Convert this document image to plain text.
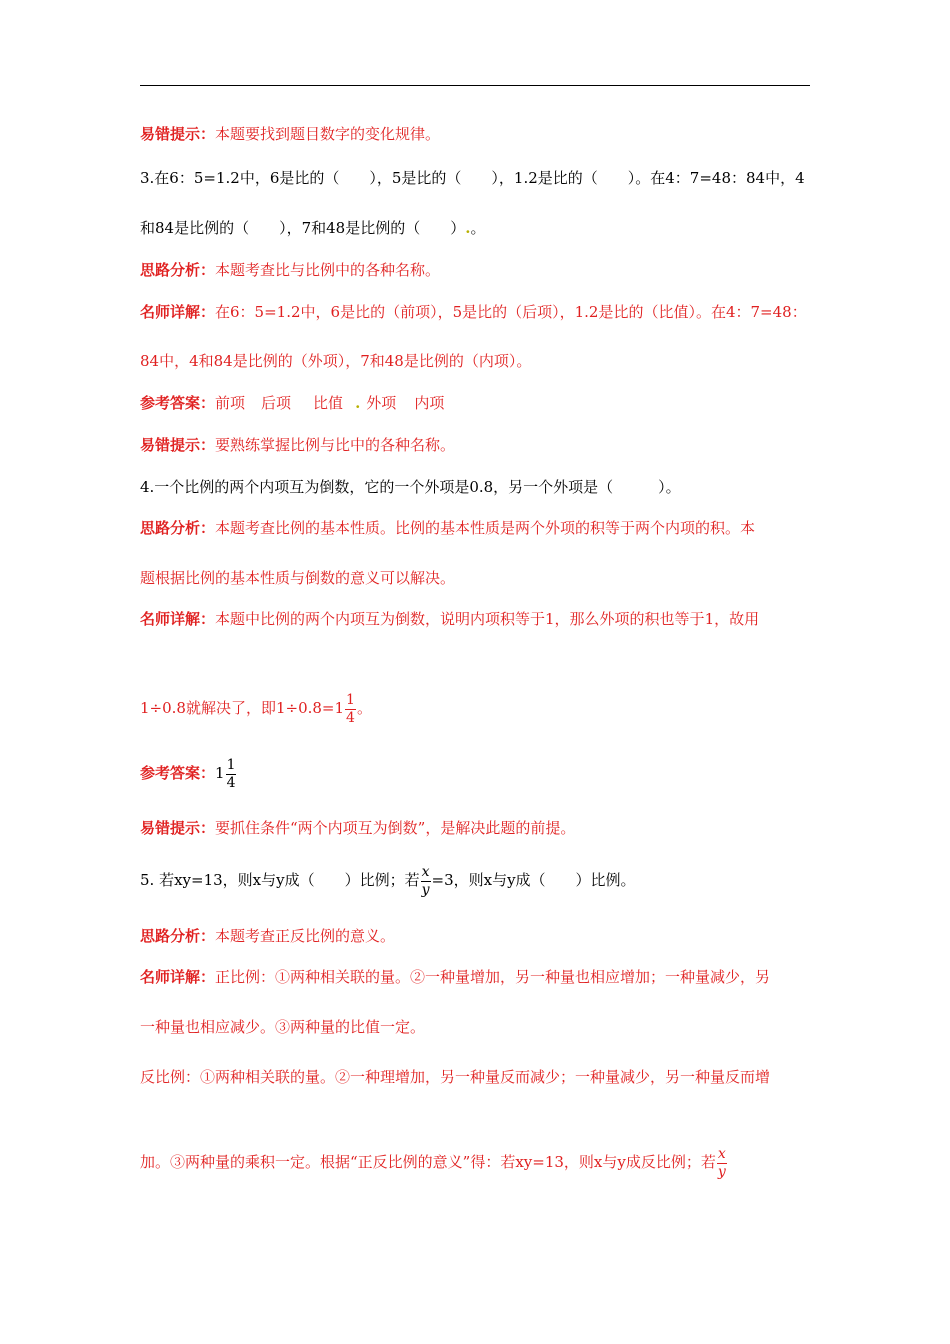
易错提示：本题要找到题目数字的变化规律。
3.在6：5=1.2中，6是比的（　　），5是比的（　　），1.2是比的（　　）。在4：7=48：84中，4
和84是比例的（　　），7和48是比例的（　　）.。
思路分析：本题考查比与比例中的各种名称。
名师详解：在6：5=1.2中，6是比的（前项），5是比的（后项），1.2是比的（比值）。在4：7=48：
84中，4和84是比例的（外项），7和48是比例的（内项）。
参考答案：前项 后项 比值 . 外项 内项
易错提示：要熟练掌握比例与比中的各种名称。
4.一个比例的两个内项互为倒数，它的一个外项是0.8，另一个外项是（　　　）。
思路分析：本题考查比例的基本性质。比例的基本性质是两个外项的积等于两个内项的积。本
题根据比例的基本性质与倒数的意义可以解决。
名师详解：本题中比例的两个内项互为倒数，说明内项积等于1，那么外项的积也等于1，故用
1÷0.8就解决了，即$1\div 0.8=1 \frac{1}{4}$ 。
参考答案：$1 \frac{1}{4}$
易错提示：要抓住条件“两个内项互为倒数”，是解决此题的前提。
5. 若xy=13，则x与y成（　　）比例；若 $\frac{x}{y} =3$，则x与y成（　　）比例。
思路分析：本题考查正反比例的意义。
名师详解：正比例：①两种相关联的量。②一种量增加，另一种量也相应增加；一种量减少，另
一种量也相应减少。③两种量的比值一定。
反比例：①两种相关联的量。②一种理增加，另一种量反而减少；一种量减少，另一种量反而增
加。③两种量的乘积一定。根据“正反比例的意义”得：若xy=13，则x与y成反比例；若 $\frac{x}{y}$
